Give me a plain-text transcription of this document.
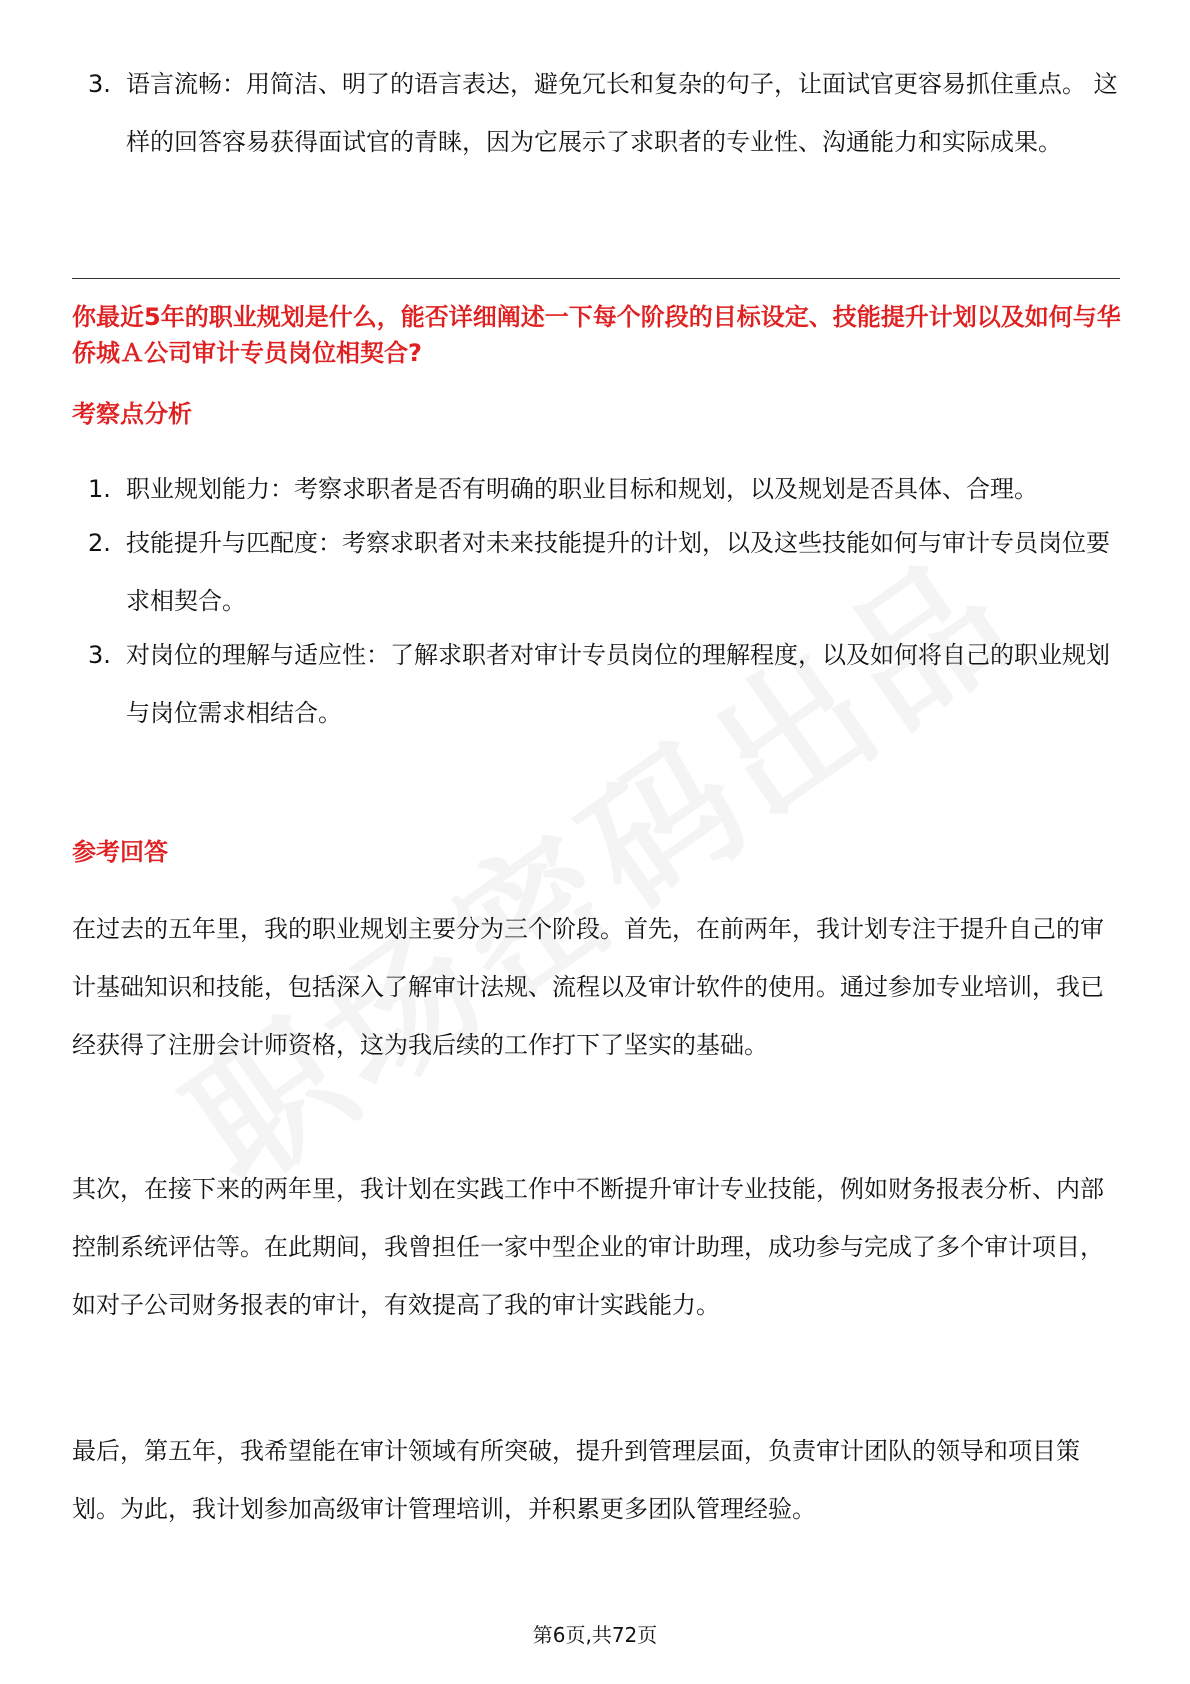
3. 语言流畅：用简洁、明了的语言表达，避免冗长和复杂的句子，让面试官更容易抓住重点。 这样的回答容易获得面试官的青睐，因为它展示了求职者的专业性、沟通能力和实际成果。
你最近5年的职业规划是什么，能否详细阐述一下每个阶段的目标设定、技能提升计划以及如何与华侨城Ａ公司审计专员岗位相契合?
考察点分析
1. 职业规划能力：考察求职者是否有明确的职业目标和规划，以及规划是否具体、合理。
2. 技能提升与匹配度：考察求职者对未来技能提升的计划，以及这些技能如何与审计专员岗位要求相契合。
3. 对岗位的理解与适应性：了解求职者对审计专员岗位的理解程度，以及如何将自己的职业规划与岗位需求相结合。
参考回答
在过去的五年里，我的职业规划主要分为三个阶段。首先，在前两年，我计划专注于提升自己的审计基础知识和技能，包括深入了解审计法规、流程以及审计软件的使用。通过参加专业培训，我已经获得了注册会计师资格，这为我后续的工作打下了坚实的基础。
其次，在接下来的两年里，我计划在实践工作中不断提升审计专业技能，例如财务报表分析、内部控制系统评估等。在此期间，我曾担任一家中型企业的审计助理，成功参与完成了多个审计项目，如对子公司财务报表的审计，有效提高了我的审计实践能力。
最后，第五年，我希望能在审计领域有所突破，提升到管理层面，负责审计团队的领导和项目策划。为此，我计划参加高级审计管理培训，并积累更多团队管理经验。
第6页,共72页
